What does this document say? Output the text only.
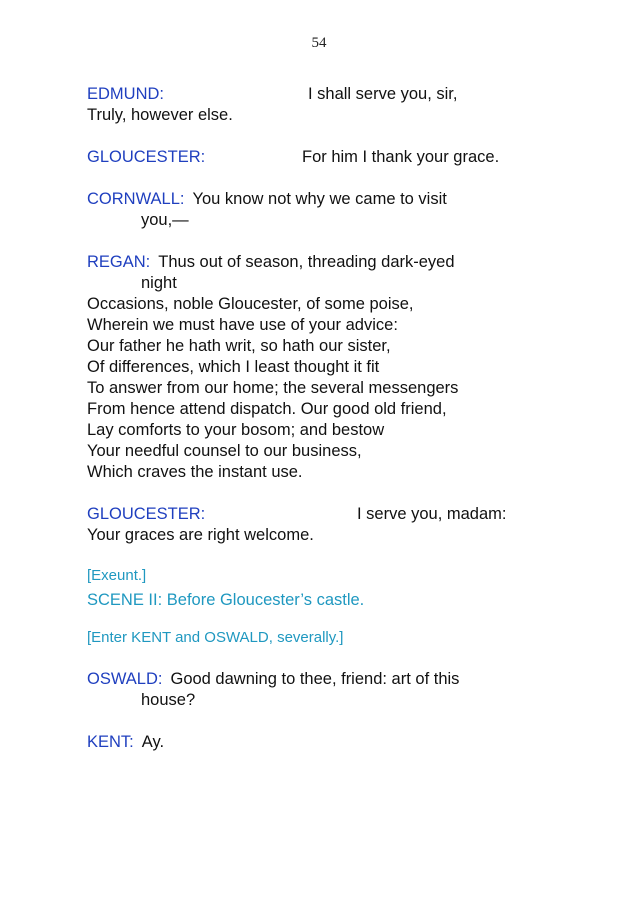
54
EDMUND:	I shall serve you, sir,
Truly, however else.
GLOUCESTER:	For him I thank your grace.
CORNWALL: You know not why we came to visit
you,—
REGAN: Thus out of season, threading dark-eyed
night
Occasions, noble Gloucester, of some poise,
Wherein we must have use of your advice:
Our father he hath writ, so hath our sister,
Of differences, which I least thought it fit
To answer from our home; the several messengers
From hence attend dispatch. Our good old friend,
Lay comforts to your bosom; and bestow
Your needful counsel to our business,
Which craves the instant use.
GLOUCESTER:	I serve you, madam:
Your graces are right welcome.
[Exeunt.]
SCENE II: Before Gloucester’s castle.
[Enter KENT and OSWALD, severally.]
OSWALD: Good dawning to thee, friend: art of this
house?
KENT: Ay.
